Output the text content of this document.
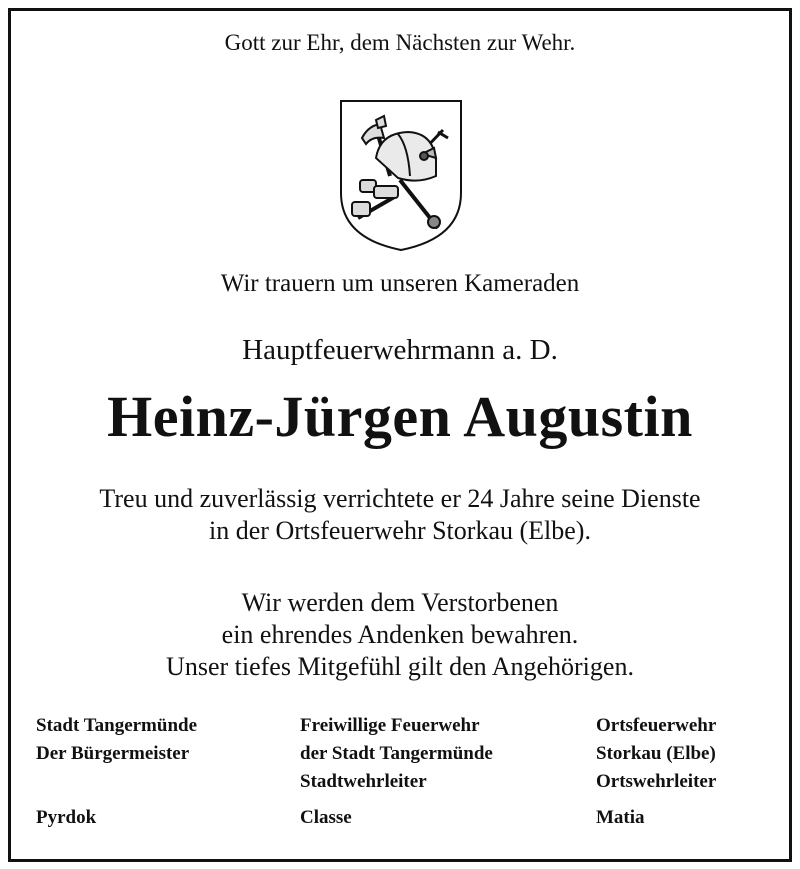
Gott zur Ehr, dem Nächsten zur Wehr.
Wir trauern um unseren Kameraden
Hauptfeuerwehrmann a. D.
Heinz-Jürgen Augustin
Treu und zuverlässig verrichtete er 24 Jahre seine Dienste
in der Ortsfeuerwehr Storkau (Elbe).
Wir werden dem Verstorbenen
ein ehrendes Andenken bewahren.
Unser tiefes Mitgefühl gilt den Angehörigen.
Stadt Tangermünde
Der Bürgermeister
Pyrdok
Freiwillige Feuerwehr
der Stadt Tangermünde
Stadtwehrleiter
Classe
Ortsfeuerwehr
Storkau (Elbe)
Ortswehrleiter
Matia
